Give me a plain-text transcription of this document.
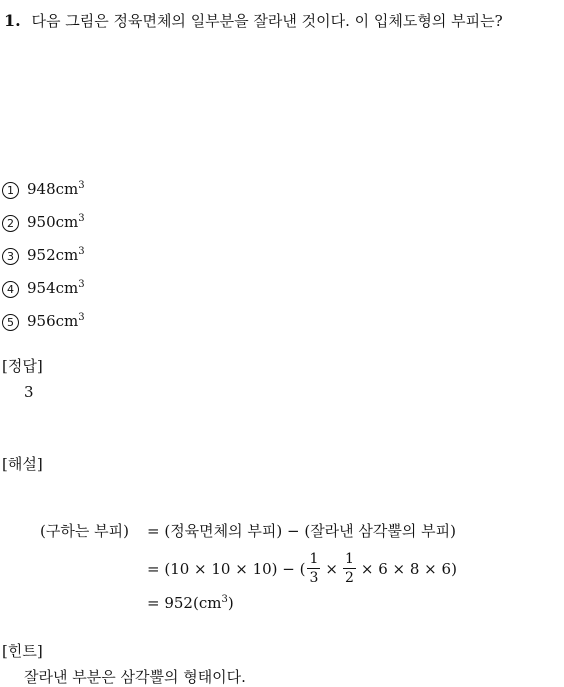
1. 다음 그림은 정육면체의 일부분을 잘라낸 것이다. 이 입체도형의 부피는?
1 $948cm^3$
2 $950cm^3$
3 $952cm^3$
4 $954cm^3$
5 $956cm^3$
[정답]
3
[해설]
(구하는 부피) = (정육면체의 부피) − (잘라낸 삼각뿔의 부피)
= (10 × 10 × 10) − ( $\frac{1}{3} \times \frac{1}{2} \times 6 \times 8 \times 6$)
= $952(cm^3)$
[힌트]
잘라낸 부분은 삼각뿔의 형태이다.
